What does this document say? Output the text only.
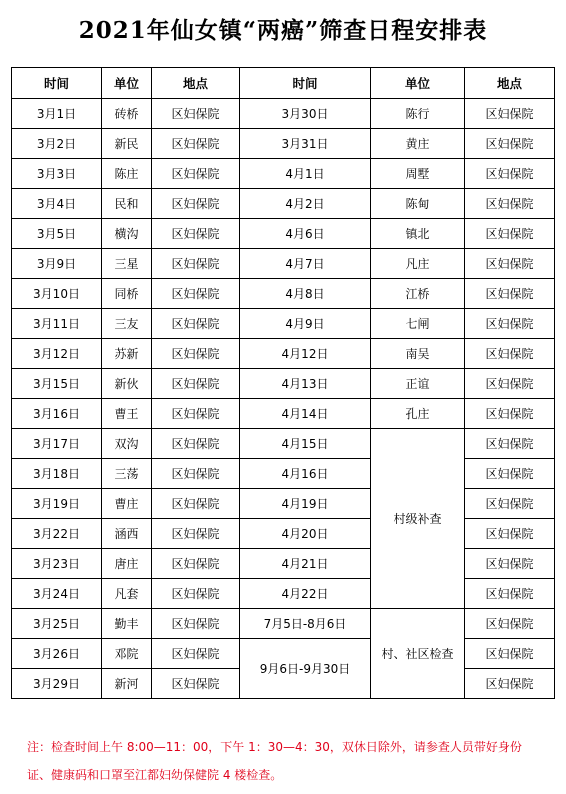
2021年仙女镇“两癌”筛查日程安排表
时间	单位	地点	时间	单位	地点
3月1日	砖桥	区妇保院	3月30日	陈行	区妇保院
3月2日	新民	区妇保院	3月31日	黄庄	区妇保院
3月3日	陈庄	区妇保院	4月1日	周墅	区妇保院
3月4日	民和	区妇保院	4月2日	陈甸	区妇保院
3月5日	横沟	区妇保院	4月6日	镇北	区妇保院
3月9日	三星	区妇保院	4月7日	凡庄	区妇保院
3月10日	同桥	区妇保院	4月8日	江桥	区妇保院
3月11日	三友	区妇保院	4月9日	七闸	区妇保院
3月12日	苏新	区妇保院	4月12日	南吴	区妇保院
3月15日	新伙	区妇保院	4月13日	正谊	区妇保院
3月16日	曹王	区妇保院	4月14日	孔庄	区妇保院
3月17日	双沟	区妇保院	4月15日	村级补查	区妇保院
3月18日	三荡	区妇保院	4月16日		区妇保院
3月19日	曹庄	区妇保院	4月19日		区妇保院
3月22日	涵西	区妇保院	4月20日		区妇保院
3月23日	唐庄	区妇保院	4月21日		区妇保院
3月24日	凡套	区妇保院	4月22日		区妇保院
3月25日	勤丰	区妇保院	7月5日-8月6日	村、社区检查	区妇保院
3月26日	邓院	区妇保院	9月6日-9月30日		区妇保院
3月29日	新河	区妇保院			区妇保院
注：检查时间上午 8:00—11：00，下午 1：30—4：30，双休日除外，请参查人员带好身份证、健康码和口罩至江都妇幼保健院 4 楼检查。
